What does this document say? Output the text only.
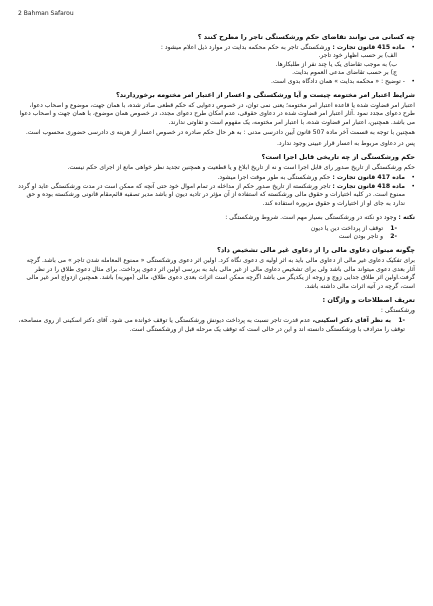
2 Bahman Safarou
چه کسانی می توانند تقاضای حکم ورشکستگی تاجر را مطرح کنند ؟
•
ماده 415 قانون تجارت : ورشکستگی تاجر به حکم محکمه بدایت در موارد ذیل اعلام میشود :
الف) بر حسب اظهار خود تاجر.
ب) به موجب تقاضای یک یا چند نفر از طلبکارها.
ج) بر حسب تقاضای مدعی العموم بدایت.
•
- توضیح : « محکمه بدایت » همان دادگاه بدوی است.
شرایط اعتبار امر مختومه چیست و آیا ورشکستگی و اعسار از اعتبار امر مختومه برخوردارند؟
اعتبار امر قضاوت شده یا قاعده اعتبار امر مختومه؛ یعنی نمی توان، در خصوص دعوایی که حکم قطعی صادر شده، با همان جهت، موضوع و اصحاب دعوا، طرح دعوای مجدد نمود .آثار اعتبار امر قضاوت شده در دعاوی حقوقی، عدم امکان طرح دعوای مجدد، در خصوص همان موضوع، با همان جهت و اصحاب دعوا می باشد. همچنین، اعتبار امر قضاوت شده، با اعتبار امر مختومه، یک مفهوم است و تفاوتی ندارند.
همچنین با توجه به قسمت آخر ماده 507 قانون آیین دادرسی مدنی : به هر حال حکم صادره در خصوص اعسار از هزینه ی دادرسی حضوری محسوب است.
پس در دعاوی مربوط به اعسار قرار عیینی وجود ندارد.
حکم ورشکستگی از چه تاریخی قابل اجرا است؟
حکم ورشکستگی از تاریخ صدور رای قابل اجرا است و نه از تاریخ ابلاغ و یا قطعیت و همچنین تجدید نظر خواهی مانع از اجرای حکم نیست.
•
ماده 417 قانون تجارت : حکم ورشکستگی به طور موقت اجرا میشود.
•
ماده 418 قانون تجارت : تاجر ورشکسته از تاریخ صدور حکم از مداخله در تمام اموال خود حتی آنچه که ممکن است در مدت ورشکستگی عاید او گردد ممنوع است. در کلیه اختیارات و حقوق مالی ورشکسته که استفاده از آن مؤثر در تادیه دیون او باشد مدیر تصفیه قائم‌مقام قانونی ورشکسته بوده و حق ندارد به جای او از اختیارات و حقوق مزبوره استفاده کند.
نکته : وجود دو نکته در ورشکستگی بسیار مهم است. شروط ورشکستگی :
-1 توقف از پرداخت دین یا دیون
-2 و تاجر بودن است
چگونه میتوان دعاوی مالی را از دعاوی غیر مالی تشخیص داد؟
برای تفکیک دعاوی غیر مالی از دعاوی مالی باید به اثر اولیه ی دعوی نگاه کرد. اولین اثر دعوی ورشکستگی « ممنوع المعامله شدن تاجر » می باشد. گرچه آثار بعدی دعوی میتواند مالی باشد ولی برای تشخیص دعاوی مالی از غیر مالی باید به بررسی اولین اثر دعوی پرداخت. برای مثال دعوی طلاق را در نظر گرفت.اولین اثر طلاق جدایی زوج و زوجه از یکدیگر می باشد اگرچه ممکن است اثرات بعدی دعوی طلاق، مالی (مهریه) باشد. همچنین ازدواج امر غیر مالی است، گرچه در آتیه اثرات مالی داشته باشد.
تعریف اصطلاحات و واژگان :
ورشکستگی :
-1 به نظر آقای دکتر اسکینی، عدم قدرت تاجر نسبت به پرداخت دیونش ورشکستگی یا توقف خوانده می شود. آقای دکتر اسکینی از روی مسامحه، توقف را مترادف با ورشکستگی دانسته اند و این در حالی است که توقف یک مرحله قبل از ورشکستگی است.
